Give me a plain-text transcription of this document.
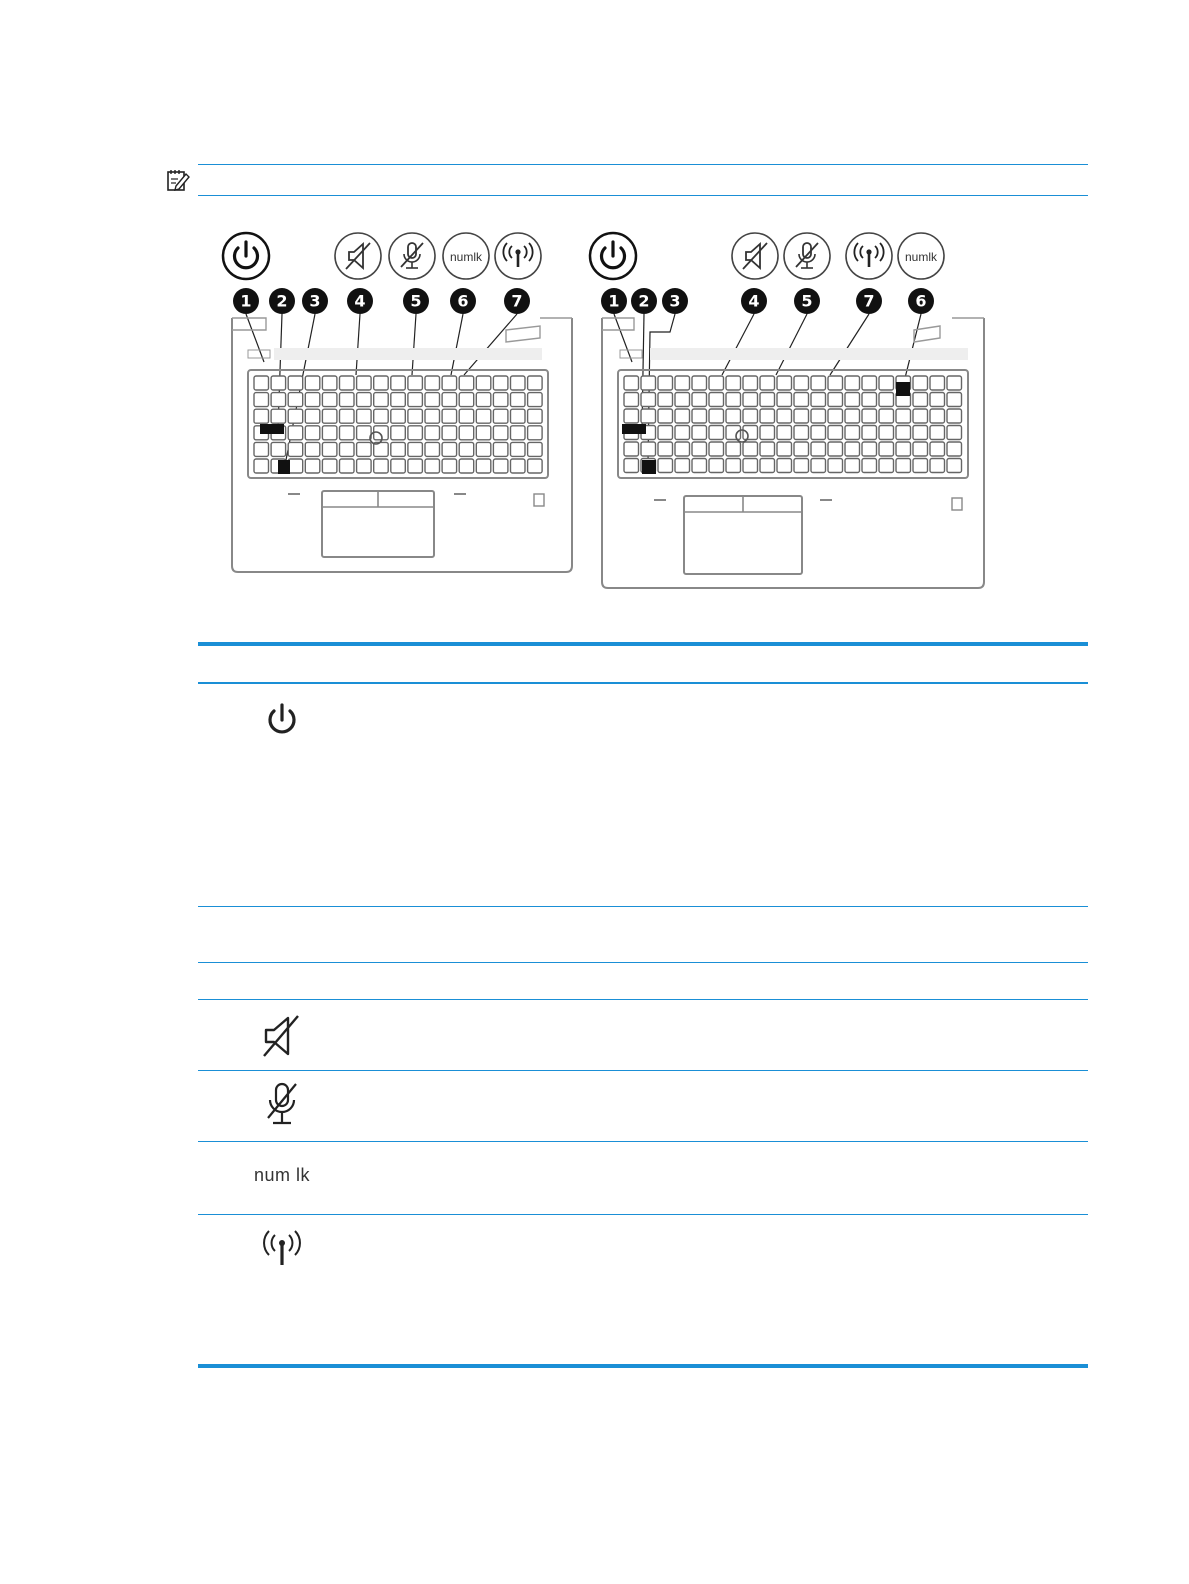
numlk
1 2 3 4	5 6	7
numlk
1 2 3	4	5	7	6
num lk
